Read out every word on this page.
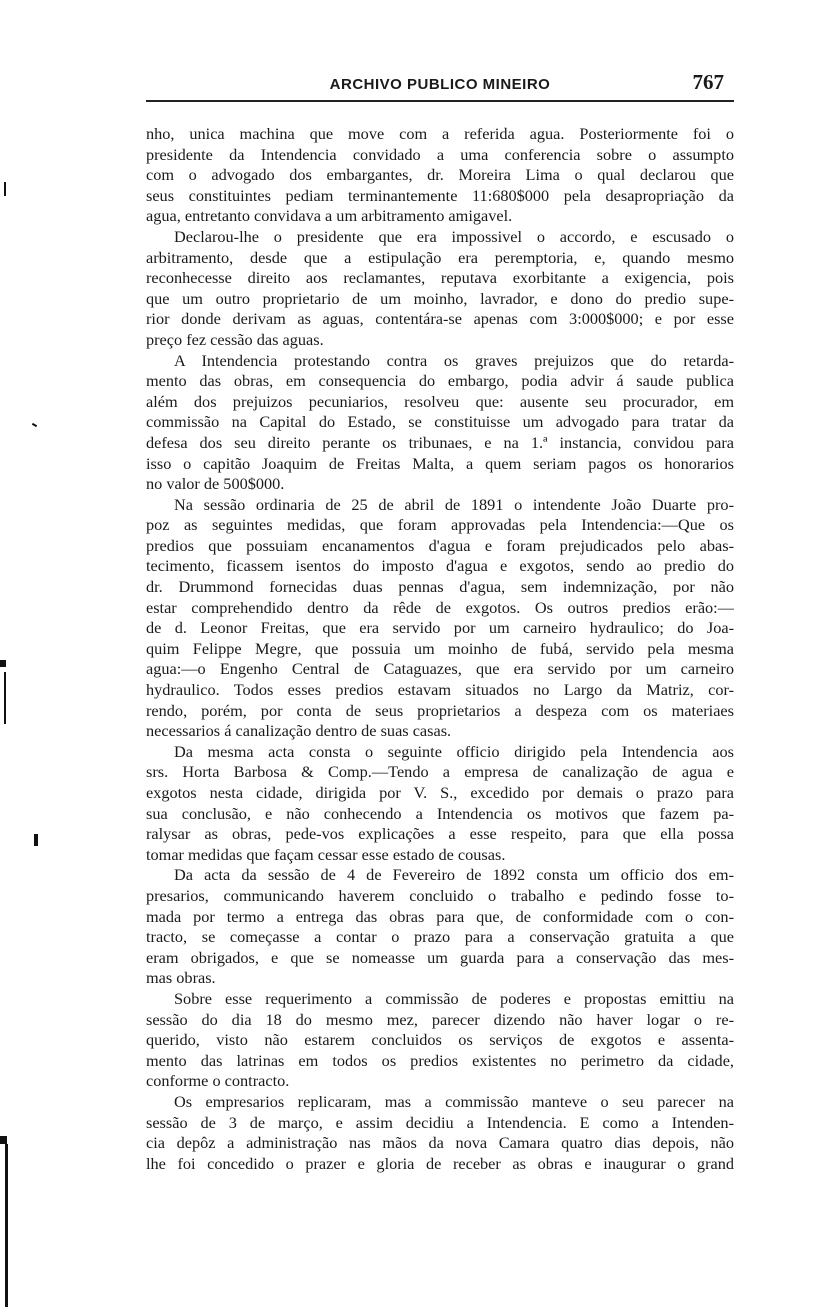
ARCHIVO PUBLICO MINEIRO	767
nho, unica machina que move com a referida agua. Posteriormente foi o
presidente da Intendencia convidado a uma conferencia sobre o assumpto
com o advogado dos embargantes, dr. Moreira Lima o qual declarou que
seus constituintes pediam terminantemente 11:680$000 pela desapropriação da
agua, entretanto convidava a um arbitramento amigavel.
Declarou-lhe o presidente que era impossivel o accordo, e escusado o
arbitramento, desde que a estipulação era peremptoria, e, quando mesmo
reconhecesse direito aos reclamantes, reputava exorbitante a exigencia, pois
que um outro proprietario de um moinho, lavrador, e dono do predio supe-
rior donde derivam as aguas, contentára-se apenas com 3:000$000; e por esse
preço fez cessão das aguas.
A Intendencia protestando contra os graves prejuizos que do retarda-
mento das obras, em consequencia do embargo, podia advir á saude publica
além dos prejuizos pecuniarios, resolveu que: ausente seu procurador, em
commissão na Capital do Estado, se constituisse um advogado para tratar da
defesa dos seu direito perante os tribunaes, e na 1.ª instancia, convidou para
isso o capitão Joaquim de Freitas Malta, a quem seriam pagos os honorarios
no valor de 500$000.
Na sessão ordinaria de 25 de abril de 1891 o intendente João Duarte pro-
poz as seguintes medidas, que foram approvadas pela Intendencia:—Que os
predios que possuiam encanamentos d'agua e foram prejudicados pelo abas-
tecimento, ficassem isentos do imposto d'agua e exgotos, sendo ao predio do
dr. Drummond fornecidas duas pennas d'agua, sem indemnização, por não
estar comprehendido dentro da rêde de exgotos. Os outros predios erão:—
de d. Leonor Freitas, que era servido por um carneiro hydraulico; do Joa-
quim Felippe Megre, que possuia um moinho de fubá, servido pela mesma
agua:—o Engenho Central de Cataguazes, que era servido por um carneiro
hydraulico. Todos esses predios estavam situados no Largo da Matriz, cor-
rendo, porém, por conta de seus proprietarios a despeza com os materiaes
necessarios á canalização dentro de suas casas.
Da mesma acta consta o seguinte officio dirigido pela Intendencia aos
srs. Horta Barbosa & Comp.—Tendo a empresa de canalização de agua e
exgotos nesta cidade, dirigida por V. S., excedido por demais o prazo para
sua conclusão, e não conhecendo a Intendencia os motivos que fazem pa-
ralysar as obras, pede-vos explicações a esse respeito, para que ella possa
tomar medidas que façam cessar esse estado de cousas.
Da acta da sessão de 4 de Fevereiro de 1892 consta um officio dos em-
presarios, communicando haverem concluido o trabalho e pedindo fosse to-
mada por termo a entrega das obras para que, de conformidade com o con-
tracto, se começasse a contar o prazo para a conservação gratuita a que
eram obrigados, e que se nomeasse um guarda para a conservação das mes-
mas obras.
Sobre esse requerimento a commissão de poderes e propostas emittiu na
sessão do dia 18 do mesmo mez, parecer dizendo não haver logar o re-
querido, visto não estarem concluidos os serviços de exgotos e assenta-
mento das latrinas em todos os predios existentes no perimetro da cidade,
conforme o contracto.
Os empresarios replicaram, mas a commissão manteve o seu parecer na
sessão de 3 de março, e assim decidiu a Intendencia. E como a Intenden-
cia depôz a administração nas mãos da nova Camara quatro dias depois, não
lhe foi concedido o prazer e gloria de receber as obras e inaugurar o grand
